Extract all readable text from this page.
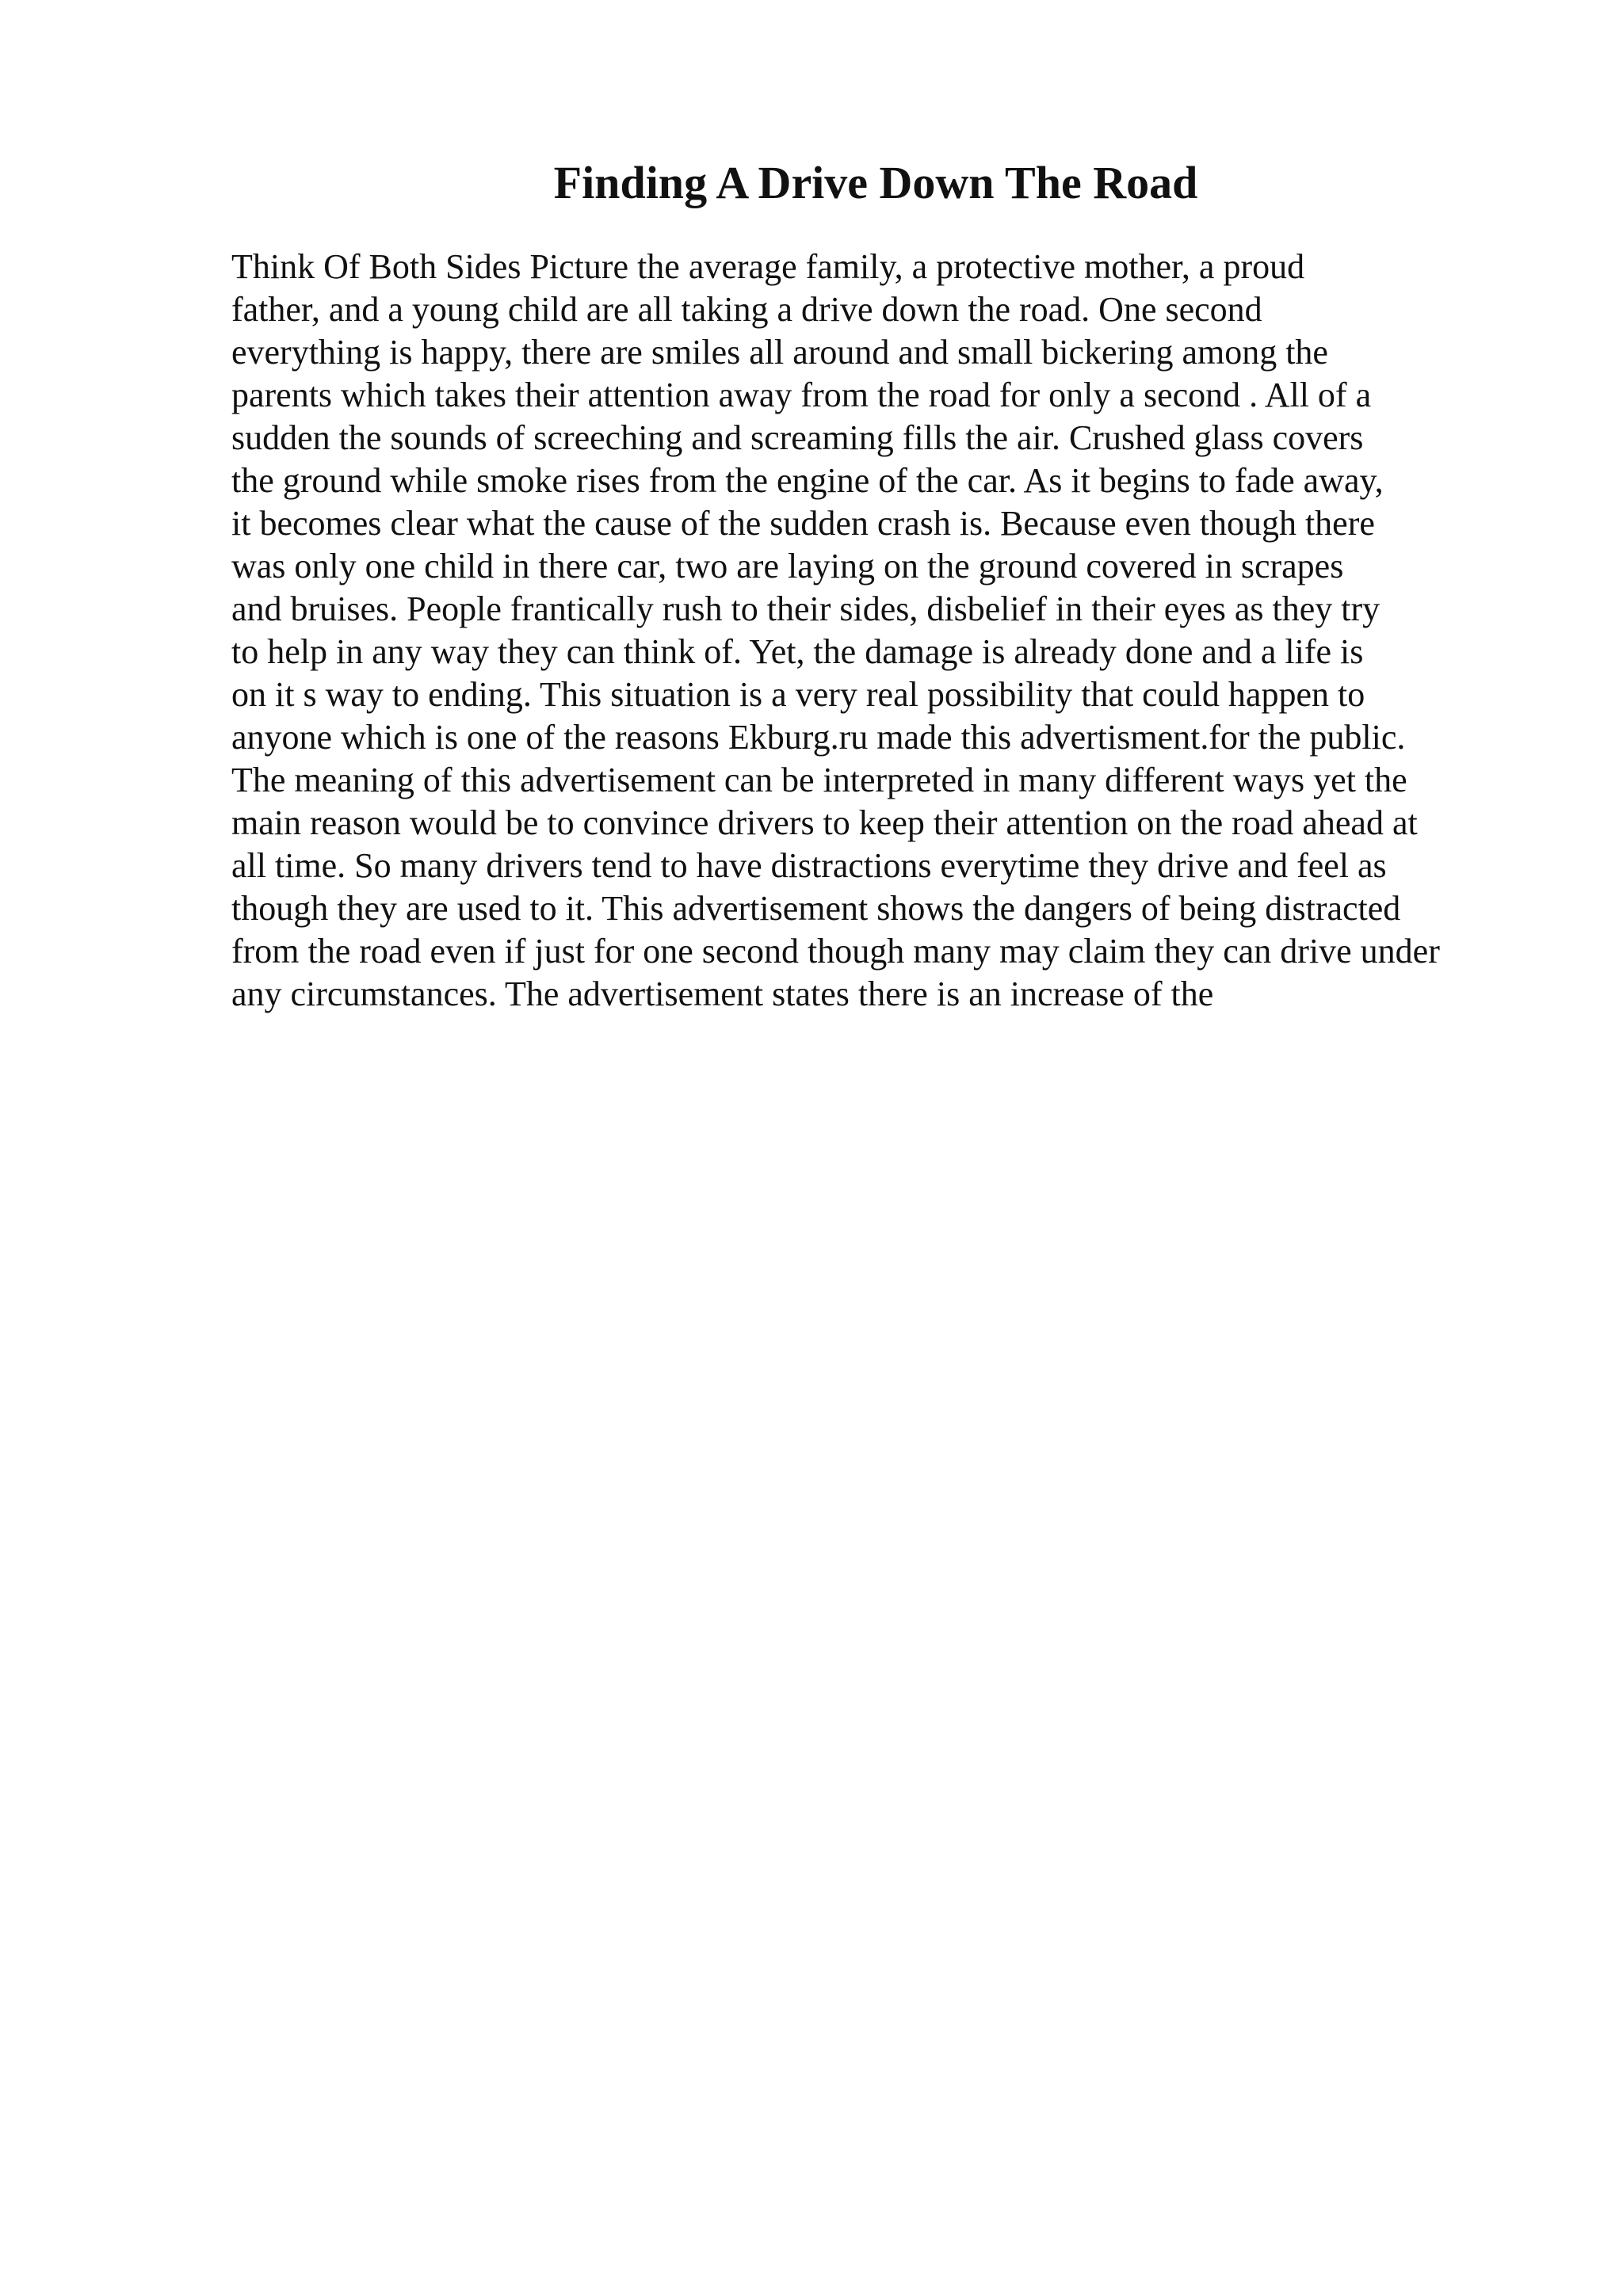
Finding A Drive Down The Road
Think Of Both Sides Picture the average family, a protective mother, a proud
father, and a young child are all taking a drive down the road. One second
everything is happy, there are smiles all around and small bickering among the
parents which takes their attention away from the road for only a second . All of a
sudden the sounds of screeching and screaming fills the air. Crushed glass covers
the ground while smoke rises from the engine of the car. As it begins to fade away,
it becomes clear what the cause of the sudden crash is. Because even though there
was only one child in there car, two are laying on the ground covered in scrapes
and bruises. People frantically rush to their sides, disbelief in their eyes as they try
to help in any way they can think of. Yet, the damage is already done and a life is
on it s way to ending. This situation is a very real possibility that could happen to
anyone which is one of the reasons Ekburg.ru made this advertisment.for the public.
The meaning of this advertisement can be interpreted in many different ways yet the
main reason would be to convince drivers to keep their attention on the road ahead at
all time. So many drivers tend to have distractions everytime they drive and feel as
though they are used to it. This advertisement shows the dangers of being distracted
from the road even if just for one second though many may claim they can drive under
any circumstances. The advertisement states there is an increase of the
